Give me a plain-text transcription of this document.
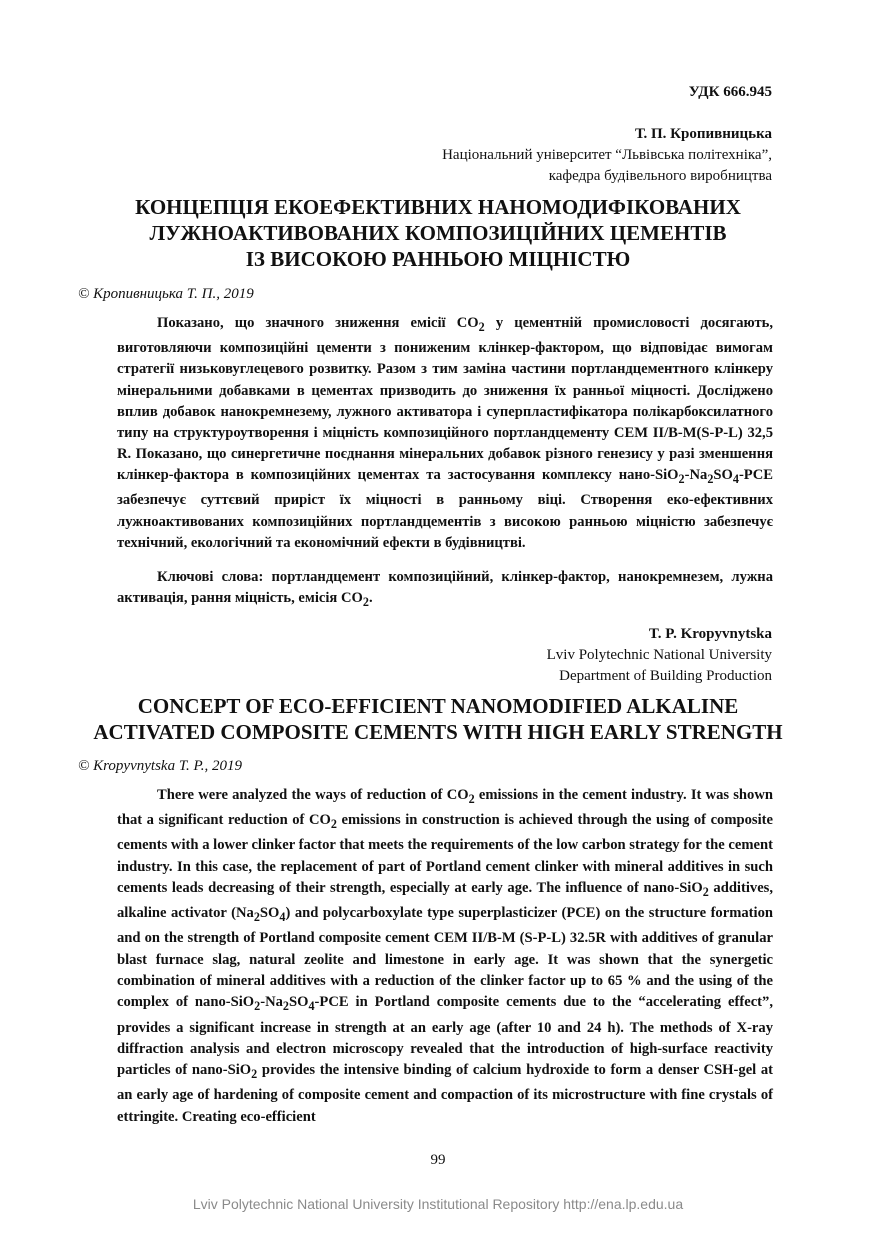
УДК 666.945
Т. П. Кропивницька
Національний університет “Львівська політехніка”,
кафедра будівельного виробництва
КОНЦЕПЦІЯ ЕКОЕФЕКТИВНИХ НАНОМОДИФІКОВАНИХ
ЛУЖНОАКТИВОВАНИХ КОМПОЗИЦІЙНИХ ЦЕМЕНТІВ
ІЗ ВИСОКОЮ РАННЬОЮ МІЦНІСТЮ
© Кропивницька Т. П., 2019

Показано, що значного зниження емісії $CO_2$ у цементній промисловості досягають, виготовляючи композиційні цементи з пониженим клінкер-фактором, що відповідає вимогам стратегії низьковуглецевого розвитку. Разом з тим заміна частини портландцементного клінкеру мінеральними добавками в цементах призводить до зниження їх ранньої міцності. Досліджено вплив добавок нанокремнезему, лужного активатора і суперпластифікатора полікарбоксилатного типу на структуроутворення і міцність композиційного портландцементу CEM II/B-M(S-P-L) 32,5 R. Показано, що синергетичне поєднання мінеральних добавок різного генезису у разі зменшення клінкер-фактора в композиційних цементах та застосування комплексу нано-$SiO_2-Na_2SO_4$-PCE забезпечує суттєвий приріст їх міцності в ранньому віці. Створення еко-ефективних лужноактивованих композиційних портландцементів з високою ранньою міцністю забезпечує технічний, екологічний та економічний ефекти в будівництві.

Ключові слова: портландцемент композиційний, клінкер-фактор, нанокремнезем, лужна активація, рання міцність, емісія $CO_2$.

T. P. Kropyvnytska
Lviv Polytechnic National University
Department of Building Production
CONCEPT OF ECO-EFFICIENT NANOMODIFIED ALKALINE
ACTIVATED COMPOSITE CEMENTS WITH HIGH EARLY STRENGTH
© Kropyvnytska T. P., 2019

There were analyzed the ways of reduction of $CO_2$ emissions in the cement industry. It was shown that a significant reduction of $CO_2$ emissions in construction is achieved through the using of composite cements with a lower clinker factor that meets the requirements of the low carbon strategy for the cement industry. In this case, the replacement of part of Portland cement clinker with mineral additives in such cements leads decreasing of their strength, especially at early age. The influence of nano-SiO$_2$ additives, alkaline activator $(Na_2SO_4)$ and polycarboxylate type superplasticizer (PCE) on the structure formation and on the strength of Portland composite cement CEM II/B-M (S-P-L) 32.5R with additives of granular blast furnace slag, natural zeolite and limestone in early age. It was shown that the synergetic combination of mineral additives with a reduction of the clinker factor up to 65 % and the using of the complex of nano-$SiO_2-Na_2SO_4$-PCE in Portland composite cements due to the “accelerating effect”, provides a significant increase in strength at an early age (after 10 and 24 h). The methods of X-ray diffraction analysis and electron microscopy revealed that the introduction of high-surface reactivity particles of nano-SiO$_2$ provides the intensive binding of calcium hydroxide to form a denser CSH-gel at an early age of hardening of composite cement and compaction of its microstructure with fine crystals of ettringite. Creating eco-efficient

99
Lviv Polytechnic National University Institutional Repository http://ena.lp.edu.ua
